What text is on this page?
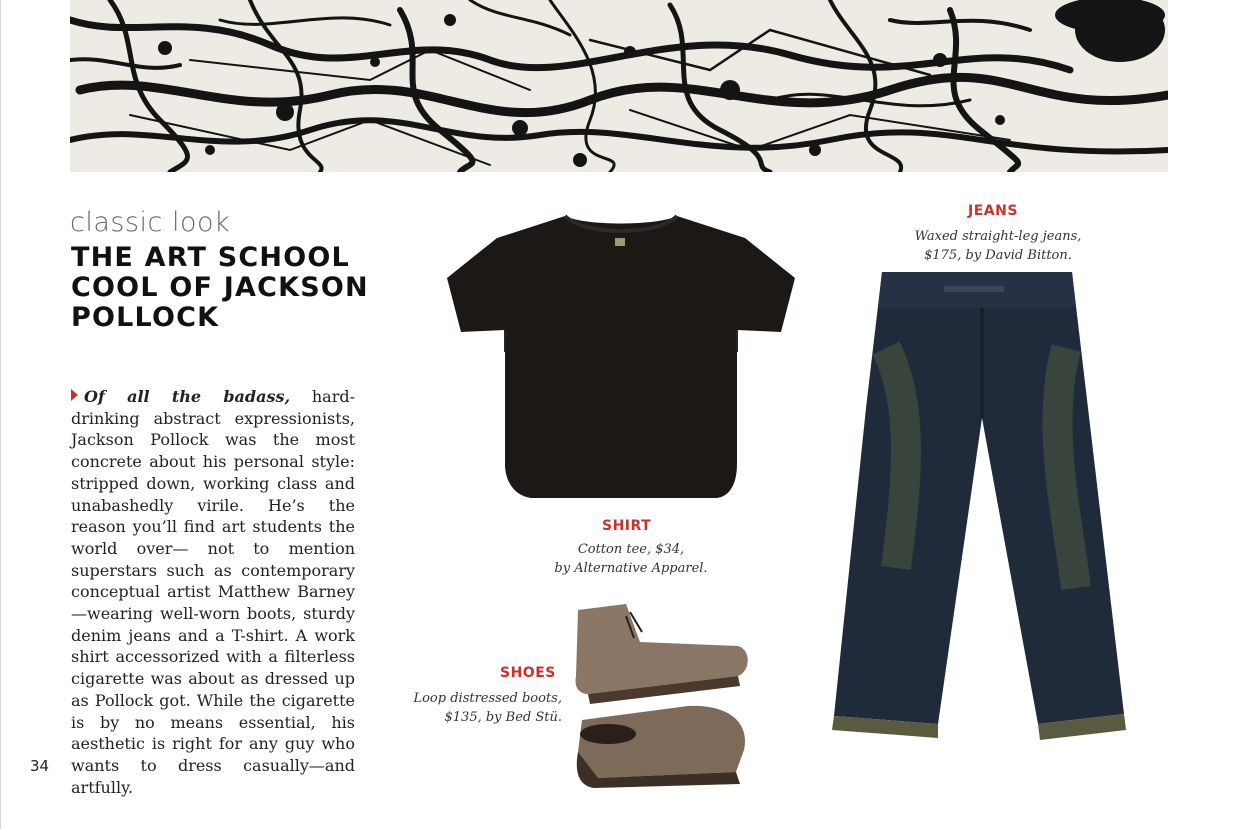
classic look
THE ART SCHOOL COOL OF JACKSON POLLOCK

Of all the badass, hard-drinking abstract expressionists, Jackson Pollock was the most concrete about his personal style: stripped down, working class and unabashedly virile. He’s the reason you’ll find art students the world over— not to mention superstars such as contemporary conceptual artist Matthew Barney—wearing well-worn boots, sturdy denim jeans and a T-shirt. A work shirt accessorized with a filterless cigarette was about as dressed up as Pollock got. While the cigarette is by no means essential, his aesthetic is right for any guy who wants to dress casually—and artfully.

34
JEANS
Waxed straight-leg jeans,
$175, by David Bitton.
SHIRT
Cotton tee, $34,
by Alternative Apparel.
SHOES
Loop distressed boots,
$135, by Bed Stü.
